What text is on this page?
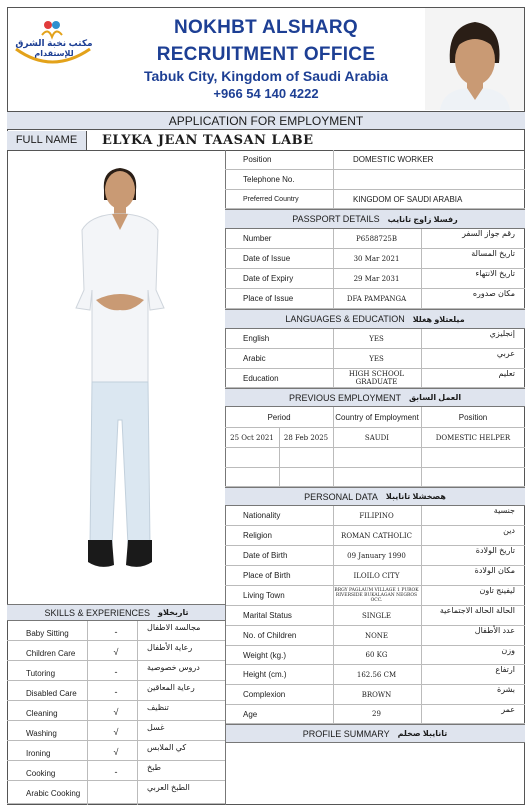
مكتب نخبة الشرق
للإستقدام
NOKHBT ALSHARQ
RECRUITMENT OFFICE
Tabuk City, Kingdom of Saudi Arabia
+966 54 140 4222
APPLICATION FOR EMPLOYMENT
FULL NAME	ELYKA JEAN TAASAN LABE
Position	DOMESTIC WORKER
Telephone No.
Preferred Country	KINGDOM OF SAUDI ARABIA
PASSPORT DETAILS رفسلا زاوج تانايب
Number	P6588725B
رقم جواز السفر
Date of Issue	30 Mar 2021
تاريخ المسالة
Date of Expiry	29 Mar 2031
تاريخ الانتهاء
Place of Issue	DFA PAMPANGA
مكان صدوره
LANGUAGES & EDUCATION ميلعتلاو هغللا
English	YES
إنجليزي
Arabic	YES
عربي
Education	HIGH SCHOOL GRADUATE
تعليم
PREVIOUS EMPLOYMENT العمل السابق
Period	Country of Employment	Position
25 Oct 2021	28 Feb 2025	SAUDI	DOMESTIC HELPER
PERSONAL DATA هصخشلا تانايبلا
Nationality	FILIPINO
جنسية
Religion	ROMAN CATHOLIC
دين
Date of Birth	09 January 1990
تاريخ الولادة
Place of Birth	ILOILO CITY
مكان الولادة
Living Town
BRGY PAGLAUM VILLAGE 1 PUROK RIVERSIDE BUKALAGAN NEGROS OCC.
ليفينج تاون
Marital Status	SINGLE
الحالة الحالة الاجتماعية
No. of Children	NONE
عدد الأطفال
Weight (kg.)	60 KG
وزن
Height (cm.)	162.56 CM
ارتفاع
Complexion	BROWN
بشرة
Age	29
عمر
PROFILE SUMMARY تانايبلا صخلم
SKILLS & EXPERIENCES تاربخلاو
Baby Sitting	-	مجالسة الاطفال
Children Care	√	رعاية الأطفال
Tutoring	-	دروس خصوصية
Disabled Care	-	رعاية المعاقين
Cleaning	√	تنظيف
Washing	√	غسل
Ironing	√	كي الملابس
Cooking	-	طبخ
Arabic Cooking
الطبخ العربي
